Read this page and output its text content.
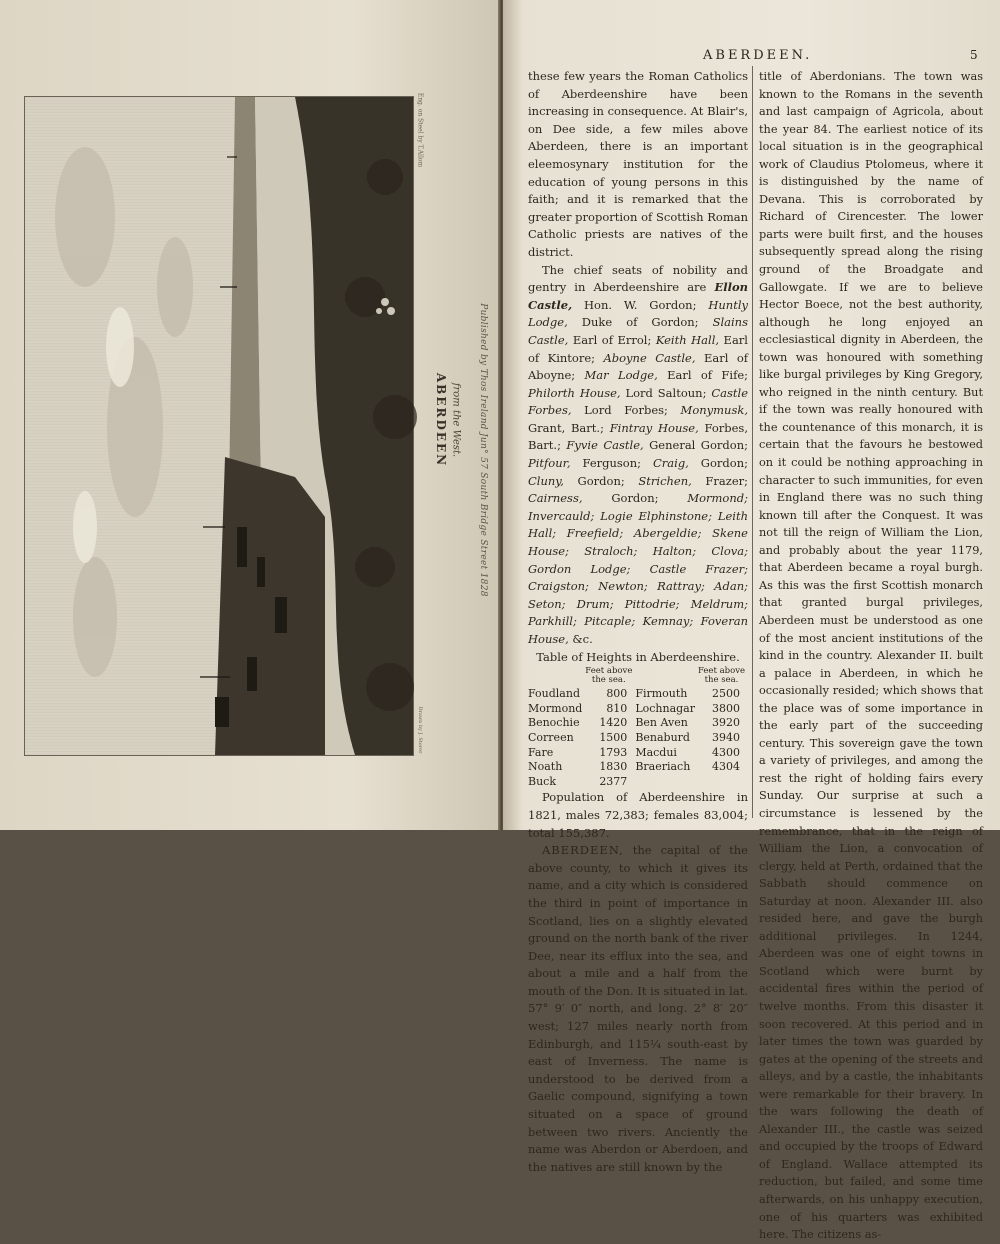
ABERDEEN from the West. Published by Thos Ireland Jun° 57 South Bridge Street 1828
Eng. on Steel by T.Allom
Drawn by J. Storer
ABERDEEN.	5

these few years the Roman Catholics of Aberdeenshire have been increasing in consequence. At Blair's, on Dee side, a few miles above Aberdeen, there is an important eleemosynary institution for the education of young persons in this faith; and it is remarked that the greater proportion of Scottish Roman Catholic priests are natives of the district.

The chief seats of nobility and gentry in Aberdeenshire are Ellon Castle, Hon. W. Gordon; Huntly Lodge, Duke of Gordon; Slains Castle, Earl of Errol; Keith Hall, Earl of Kintore; Aboyne Castle, Earl of Aboyne; Mar Lodge, Earl of Fife; Philorth House, Lord Saltoun; Castle Forbes, Lord Forbes; Monymusk, Grant, Bart.; Fintray House, Forbes, Bart.; Fyvie Castle, General Gordon; Pitfour, Ferguson; Craig, Gordon; Cluny, Gordon; Strichen, Frazer; Cairness, Gordon; Mormond; Invercauld; Logie Elphinstone; Leith Hall; Freefield; Abergeldie; Skene House; Straloch; Halton; Clova; Gordon Lodge; Castle Frazer; Craigston; Newton; Rattray; Adan; Seton; Drum; Pittodrie; Meldrum; Parkhill; Pitcaple; Kemnay; Foveran House, &c.

Table of Heights in Aberdeenshire.

	Feet above the sea.		Feet above the sea.
Foudland	800	Firmouth	2500
Mormond	810	Lochnagar	3800
Benochie	1420	Ben Aven	3920
Correen	1500	Benaburd	3940
Fare	1793	Macdui	4300
Noath	1830	Braeriach	4304
Buck	2377		

Population of Aberdeenshire in 1821, males 72,383; females 83,004; total 155,387.

ABERDEEN, the capital of the above county, to which it gives its name, and a city which is considered the third in point of importance in Scotland, lies on a slightly elevated ground on the north bank of the river Dee, near its efflux into the sea, and about a mile and a half from the mouth of the Don. It is situated in lat. 57° 9′ 0″ north, and long. 2° 8′ 20″ west; 127 miles nearly north from Edinburgh, and 115¼ south-east by east of Inverness. The name is understood to be derived from a Gaelic compound, signifying a town situated on a space of ground between two rivers. Anciently the name was Aberdon or Aberdoen, and the natives are still known by the

title of Aberdonians. The town was known to the Romans in the seventh and last campaign of Agricola, about the year 84. The earliest notice of its local situation is in the geographical work of Claudius Ptolomeus, where it is distinguished by the name of Devana. This is corroborated by Richard of Cirencester. The lower parts were built first, and the houses subsequently spread along the rising ground of the Broadgate and Gallowgate. If we are to believe Hector Boece, not the best authority, although he long enjoyed an ecclesiastical dignity in Aberdeen, the town was honoured with something like burgal privileges by King Gregory, who reigned in the ninth century. But if the town was really honoured with the countenance of this monarch, it is certain that the favours he bestowed on it could be nothing approaching in character to such immunities, for even in England there was no such thing known till after the Conquest. It was not till the reign of William the Lion, and probably about the year 1179, that Aberdeen became a royal burgh. As this was the first Scottish monarch that granted burgal privileges, Aberdeen must be understood as one of the most ancient institutions of the kind in the country. Alexander II. built a palace in Aberdeen, in which he occasionally resided; which shows that the place was of some importance in the early part of the succeeding century. This sovereign gave the town a variety of privileges, and among the rest the right of holding fairs every Sunday. Our surprise at such a circumstance is lessened by the remembrance, that in the reign of William the Lion, a convocation of clergy, held at Perth, ordained that the Sabbath should commence on Saturday at noon. Alexander III. also resided here, and gave the burgh additional privileges. In 1244, Aberdeen was one of eight towns in Scotland which were burnt by accidental fires within the period of twelve months. From this disaster it soon recovered. At this period and in later times the town was guarded by gates at the opening of the streets and alleys, and by a castle, the inhabitants were remarkable for their bravery. In the wars following the death of Alexander III., the castle was seized and occupied by the troops of Edward of England. Wallace attempted its reduction, but failed, and some time afterwards, on his unhappy execution, one of his quarters was exhibited here. The citizens as-
